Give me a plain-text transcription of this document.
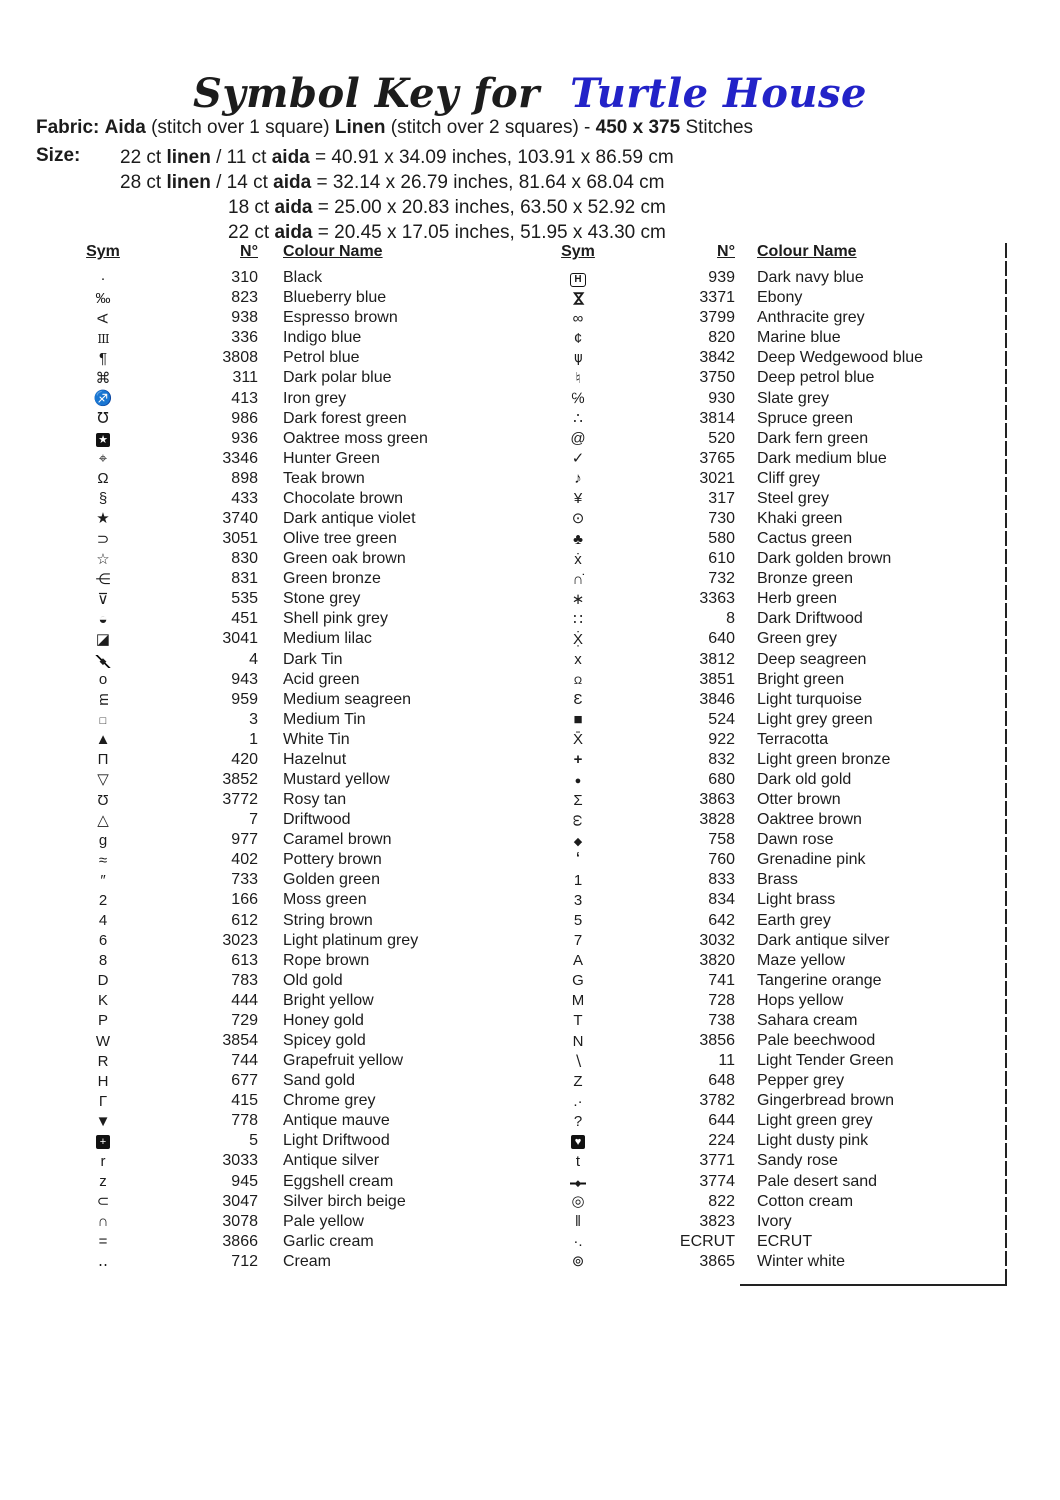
Symbol Key for Turtle House
Fabric: Aida (stitch over 1 square) Linen (stitch over 2 squares) - 450 x 375 Stitches
Size:	22 ct linen / 11 ct aida = 40.91 x 34.09 inches, 103.91 x 86.59 cm
28 ct linen / 14 ct aida = 32.14 x 26.79 inches, 81.64 x 68.04 cm
18 ct aida = 25.00 x 20.83 inches, 63.50 x 52.92 cm
22 ct aida = 20.45 x 17.05 inches, 51.95 x 43.30 cm
Sym	N°	Colour Name
·	310	Black
‰	823	Blueberry blue
A	938	Espresso brown
III	336	Indigo blue
¶	3808	Petrol blue
⌘	311	Dark polar blue
♐	413	Iron grey
℧	986	Dark forest green
★	936	Oaktree moss green
⌖	3346	Hunter Green
Ω	898	Teak brown
§	433	Chocolate brown
★	3740	Dark antique violet
⊃	3051	Olive tree green
☆	830	Green oak brown
⋲	831	Green bronze
⊽	535	Stone grey
◒	451	Shell pink grey
◪	3041	Medium lilac
◆	4	Dark Tin
o	943	Acid green
m	959	Medium seagreen
□	3	Medium Tin
▲	1	White Tin
Π	420	Hazelnut
▽	3852	Mustard yellow
Ʊ	3772	Rosy tan
△	7	Driftwood
g	977	Caramel brown
≈	402	Pottery brown
″	733	Golden green
2	166	Moss green
4	612	String brown
6	3023	Light platinum grey
8	613	Rope brown
D	783	Old gold
K	444	Bright yellow
P	729	Honey gold
W	3854	Spicey gold
R	744	Grapefruit yellow
H	677	Sand gold
Γ	415	Chrome grey
▼	778	Antique mauve
+	5	Light Driftwood
r	3033	Antique silver
z	945	Eggshell cream
⊂	3047	Silver birch beige
∩	3078	Pale yellow
=	3866	Garlic cream
‥	712	Cream
Sym	N°	Colour Name
H	939	Dark navy blue
⋈	3371	Ebony
∞	3799	Anthracite grey
¢	820	Marine blue
⋔	3842	Deep Wedgewood blue
♮	3750	Deep petrol blue
℅	930	Slate grey
∴	3814	Spruce green
@	520	Dark fern green
✓	3765	Dark medium blue
♪	3021	Cliff grey
¥	317	Steel grey
⊙	730	Khaki green
♣	580	Cactus green
ẋ	610	Dark golden brown
∩̇	732	Bronze green
∗	3363	Herb green
∷	8	Dark Driftwood
Ẋ̣	640	Green grey
x	3812	Deep seagreen
Ω	3851	Bright green
Ɛ	3846	Light turquoise
■	524	Light grey green
X̄	922	Terracotta
+	832	Light green bronze
●	680	Dark old gold
Σ	3863	Otter brown
ω	3828	Oaktree brown
◆	758	Dawn rose
‘	760	Grenadine pink
1	833	Brass
3	834	Light brass
5	642	Earth grey
7	3032	Dark antique silver
A	3820	Maze yellow
G	741	Tangerine orange
M	728	Hops yellow
T	738	Sahara cream
N	3856	Pale beechwood
∖	11	Light Tender Green
Z	648	Pepper grey
.·	3782	Gingerbread brown
?	644	Light green grey
♥	224	Light dusty pink
t	3771	Sandy rose
◆	3774	Pale desert sand
◎	822	Cotton cream
‖	3823	Ivory
·.	ECRUT	ECRUT
⊚	3865	Winter white
